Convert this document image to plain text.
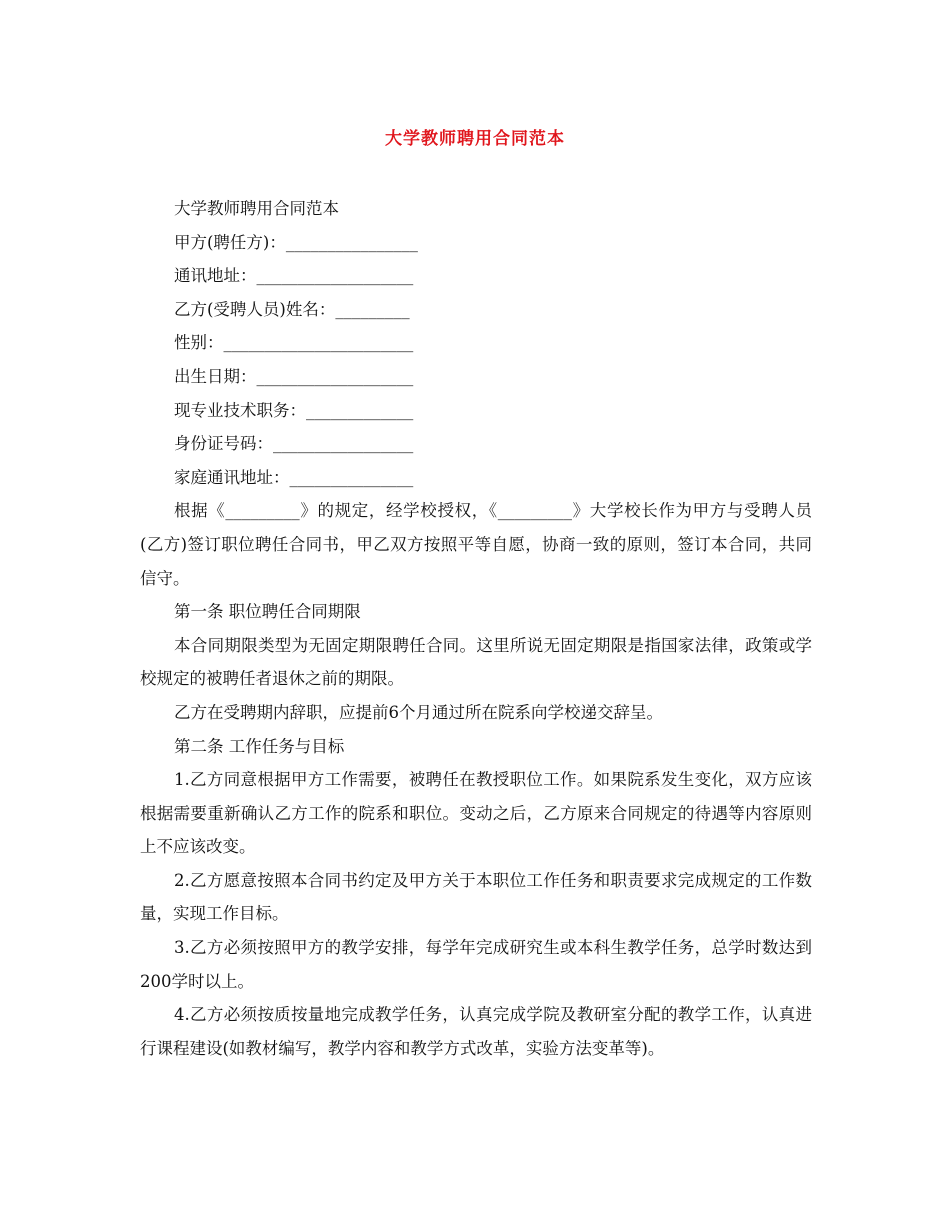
大学教师聘用合同范本

大学教师聘用合同范本

甲方(聘任方)：________________

通讯地址：___________________

乙方(受聘人员)姓名：_________

性别：_______________________

出生日期：___________________

现专业技术职务：_____________

身份证号码：_________________

家庭通讯地址：_______________

根据《_________》的规定，经学校授权，《_________》大学校长作为甲方与受聘人员(乙方)签订职位聘任合同书，甲乙双方按照平等自愿，协商一致的原则，签订本合同，共同信守。

第一条 职位聘任合同期限

本合同期限类型为无固定期限聘任合同。这里所说无固定期限是指国家法律，政策或学校规定的被聘任者退休之前的期限。

乙方在受聘期内辞职，应提前6个月通过所在院系向学校递交辞呈。

第二条 工作任务与目标

1.乙方同意根据甲方工作需要，被聘任在教授职位工作。如果院系发生变化，双方应该根据需要重新确认乙方工作的院系和职位。变动之后，乙方原来合同规定的待遇等内容原则上不应该改变。

2.乙方愿意按照本合同书约定及甲方关于本职位工作任务和职责要求完成规定的工作数量，实现工作目标。

3.乙方必须按照甲方的教学安排，每学年完成研究生或本科生教学任务，总学时数达到200学时以上。

4.乙方必须按质按量地完成教学任务，认真完成学院及教研室分配的教学工作，认真进行课程建设(如教材编写，教学内容和教学方式改革，实验方法变革等)。
